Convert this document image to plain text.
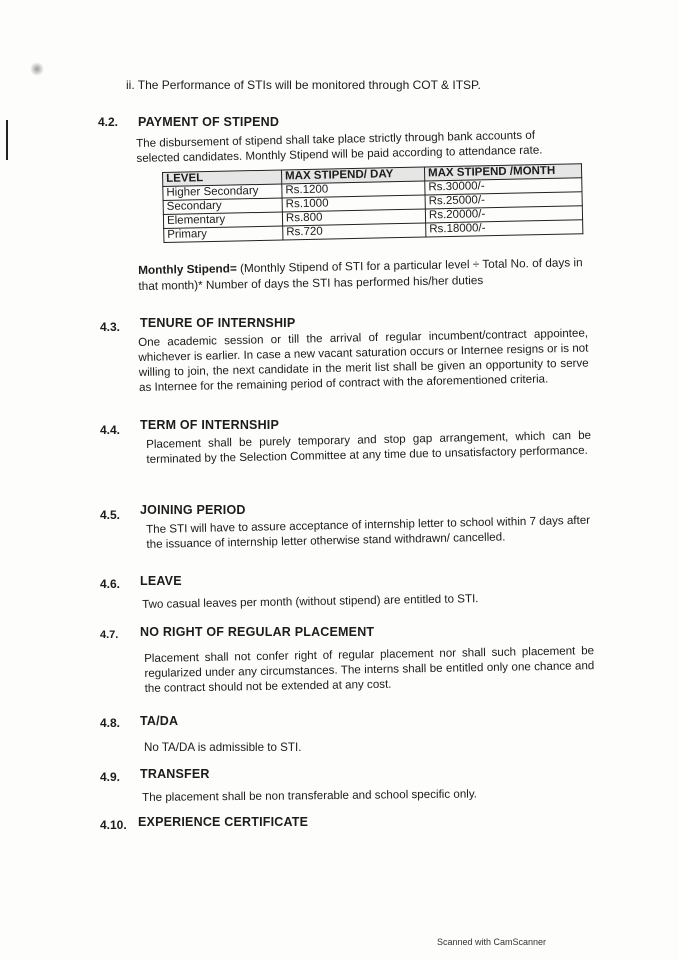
ii. The Performance of STIs will be monitored through COT & ITSP.
4.2. PAYMENT OF STIPEND
The disbursement of stipend shall take place strictly through bank accounts of selected candidates. Monthly Stipend will be paid according to attendance rate.
LEVEL	MAX STIPEND/ DAY	MAX STIPEND /MONTH
Higher Secondary	Rs.1200	Rs.30000/-
Secondary	Rs.1000	Rs.25000/-
Elementary	Rs.800	Rs.20000/-
Primary	Rs.720	Rs.18000/-
Monthly Stipend= (Monthly Stipend of STI for a particular level ÷ Total No. of days in that month)* Number of days the STI has performed his/her duties
4.3. TENURE OF INTERNSHIP
One academic session or till the arrival of regular incumbent/contract appointee, whichever is earlier. In case a new vacant saturation occurs or Internee resigns or is not willing to join, the next candidate in the merit list shall be given an opportunity to serve as Internee for the remaining period of contract with the aforementioned criteria.
4.4. TERM OF INTERNSHIP
Placement shall be purely temporary and stop gap arrangement, which can be terminated by the Selection Committee at any time due to unsatisfactory performance.
4.5. JOINING PERIOD
The STI will have to assure acceptance of internship letter to school within 7 days after the issuance of internship letter otherwise stand withdrawn/ cancelled.
4.6. LEAVE
Two casual leaves per month (without stipend) are entitled to STI.
4.7. NO RIGHT OF REGULAR PLACEMENT
Placement shall not confer right of regular placement nor shall such placement be regularized under any circumstances. The interns shall be entitled only one chance and the contract should not be extended at any cost.
4.8. TA/DA
No TA/DA is admissible to STI.
4.9. TRANSFER
The placement shall be non transferable and school specific only.
4.10. EXPERIENCE CERTIFICATE
Scanned with CamScanner
